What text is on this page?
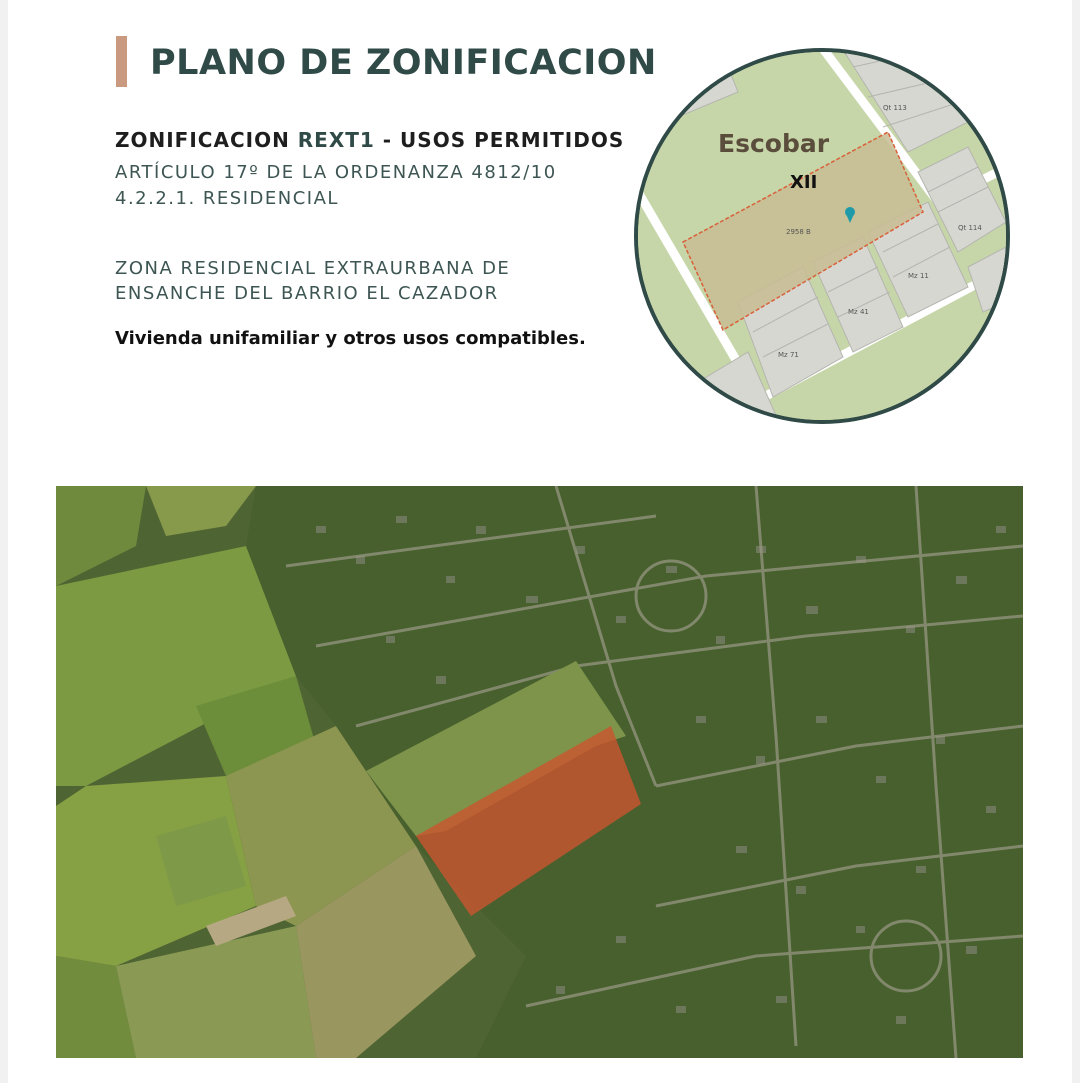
PLANO DE ZONIFICACION
ZONIFICACION REXT1 - USOS PERMITIDOS
ARTÍCULO 17º DE LA ORDENANZA 4812/10
4.2.2.1. RESIDENCIAL
ZONA RESIDENCIAL EXTRAURBANA DE
ENSANCHE DEL BARRIO EL CAZADOR
Vivienda unifamiliar y otros usos compatibles.
Escobar
XII
2958 B
Qt 113
Qt 114
Mz 11
Mz 41
Mz 71
